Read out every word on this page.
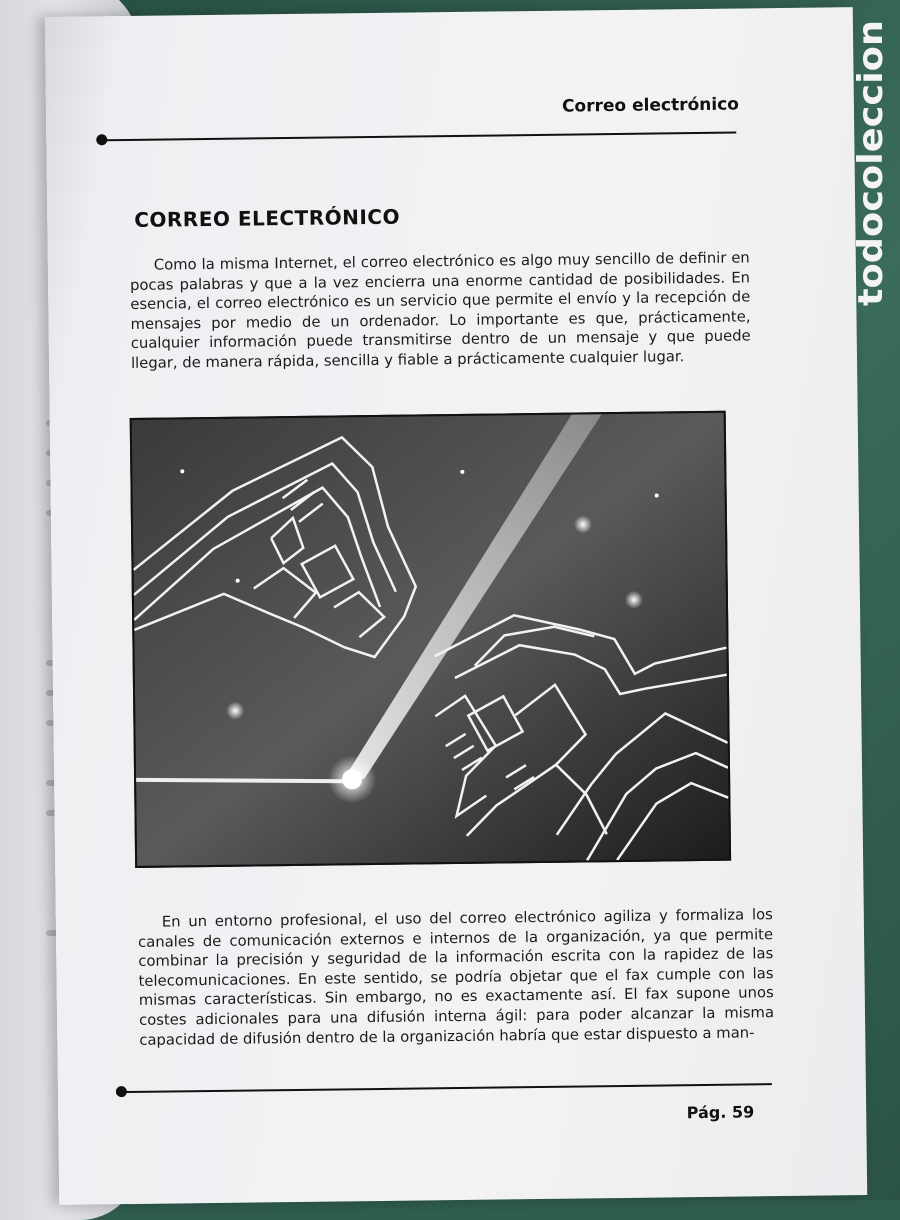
Correo electrónico
CORREO ELECTRÓNICO

Como la misma Internet, el correo electrónico es algo muy sencillo de definir en pocas palabras y que a la vez encierra una enorme cantidad de posibilidades. En esencia, el correo electrónico es un servicio que permite el envío y la recepción de mensajes por medio de un ordenador. Lo importante es que, prácticamente, cualquier información puede transmitirse dentro de un mensaje y que puede llegar, de manera rápida, sencilla y fiable a prácticamente cualquier lugar.

En un entorno profesional, el uso del correo electrónico agiliza y formaliza los canales de comunicación externos e internos de la organización, ya que permite combinar la precisión y seguridad de la información escrita con la rapidez de las telecomunicaciones. En este sentido, se podría objetar que el fax cumple con las mismas características. Sin embargo, no es exactamente así. El fax supone unos costes adicionales para una difusión interna ágil: para poder alcanzar la misma capacidad de difusión dentro de la organización habría que estar dispuesto a man-

Pág. 59
todocoleccion
